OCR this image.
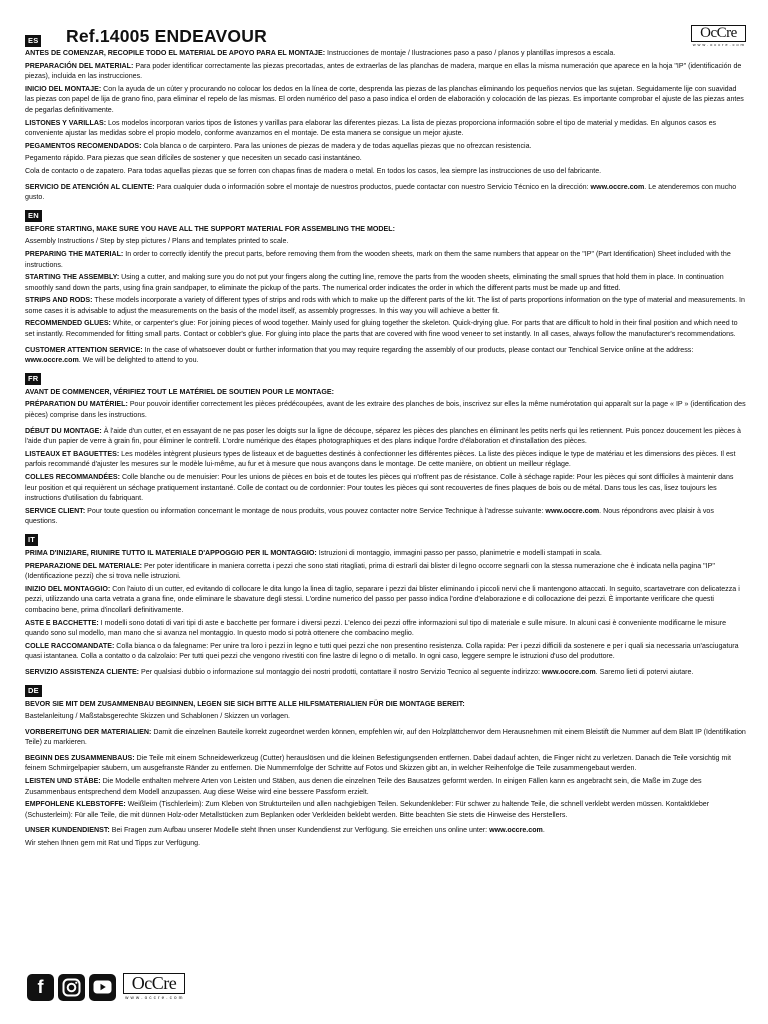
ES Ref.14005 ENDEAVOUR	OcCre
w w w . o c c r e . c o m

ANTES DE COMENZAR, RECOPILE TODO EL MATERIAL DE APOYO PARA EL MONTAJE: Instrucciones de montaje / Ilustraciones paso a paso / planos y plantillas impresos a escala.

PREPARACIÓN DEL MATERIAL: Para poder identificar correctamente las piezas precortadas, antes de extraerlas de las planchas de madera, marque en ellas la misma numeración que aparece en la hoja "IP" (identificación de piezas), incluida en las instrucciones.

INICIO DEL MONTAJE: Con la ayuda de un cúter y procurando no colocar los dedos en la línea de corte, desprenda las piezas de las planchas eliminando los pequeños nervios que las sujetan. Seguidamente lije con suavidad las piezas con papel de lija de grano fino, para eliminar el repelo de las mismas. El orden numérico del paso a paso indica el orden de elaboración y colocación de las piezas. Es importante comprobar el ajuste de las piezas antes de pegarlas definitivamente.

LISTONES Y VARILLAS: Los modelos incorporan varios tipos de listones y varillas para elaborar las diferentes piezas. La lista de piezas proporciona información sobre el tipo de material y medidas. En algunos casos es conveniente ajustar las medidas sobre el propio modelo, conforme avanzamos en el montaje. De esta manera se consigue un mejor ajuste.

PEGAMENTOS RECOMENDADOS: Cola blanca o de carpintero. Para las uniones de piezas de madera y de todas aquellas piezas que no ofrezcan resistencia.

Pegamento rápido. Para piezas que sean difíciles de sostener y que necesiten un secado casi instantáneo.

Cola de contacto o de zapatero. Para todas aquellas piezas que se forren con chapas finas de madera o metal. En todos los casos, lea siempre las instrucciones de uso del fabricante.

SERVICIO DE ATENCIÓN AL CLIENTE: Para cualquier duda o información sobre el montaje de nuestros productos, puede contactar con nuestro Servicio Técnico en la dirección: www.occre.com. Le atenderemos con mucho gusto.

EN

BEFORE STARTING, MAKE SURE YOU HAVE ALL THE SUPPORT MATERIAL FOR ASSEMBLING THE MODEL:

Assembly Instructions / Step by step pictures / Plans and templates printed to scale.

PREPARING THE MATERIAL: In order to correctly identify the precut parts, before removing them from the wooden sheets, mark on them the same numbers that appear on the "IP" (Part Identification) Sheet included with the instructions.

STARTING THE ASSEMBLY: Using a cutter, and making sure you do not put your fingers along the cutting line, remove the parts from the wooden sheets, eliminating the small sprues that hold them in place. In continuation smoothly sand down the parts, using fina grain sandpaper, to eliminate the pickup of the parts. The numerical order indicates the order in which the different parts must be made up and fitted.

STRIPS AND RODS: These models incorporate a variety of different types of strips and rods with which to make up the different parts of the kit. The list of parts proportions information on the type of material and measurements. In some cases it is advisable to adjust the measurements on the basis of the model itself, as assembly progresses. In this way you will achieve a better fit.

RECOMMENDED GLUES: White, or carpenter's glue: For joining pieces of wood together. Mainly used for gluing together the skeleton. Quick-drying glue. For parts that are difficult to hold in their final position and which need to set instantly. Recommended for fitting small parts. Contact or cobbler's glue. For gluing into place the parts that are covered with fine wood veneer to set instantly. In all cases, always follow the manufacturer's recommendations.

CUSTOMER ATTENTION SERVICE: In the case of whatsoever doubt or further information that you may require regarding the assembly of our products, please contact our Tenchical Service online at the address: www.occre.com. We will be delighted to attend to you.

FR

AVANT DE COMMENCER, VÉRIFIEZ TOUT LE MATÉRIEL DE SOUTIEN POUR LE MONTAGE:

PRÉPARATION DU MATÉRIEL: Pour pouvoir identifier correctement les pièces prédécoupées, avant de les extraire des planches de bois, inscrivez sur elles la même numérotation qui apparaît sur la page « IP » (identification des pièces) comprise dans les instructions.

DÉBUT DU MONTAGE: À l'aide d'un cutter, et en essayant de ne pas poser les doigts sur la ligne de découpe, séparez les pièces des planches en éliminant les petits nerfs qui les retiennent. Puis poncez doucement les pièces à l'aide d'un papier de verre à grain fin, pour éliminer le contrefil. L'ordre numérique des étapes photographiques et des plans indique l'ordre d'élaboration et d'installation des pièces.

LISTEAUX ET BAGUETTES: Les modèles intègrent plusieurs types de listeaux et de baguettes destinés à confectionner les différentes pièces. La liste des pièces indique le type de matériau et les dimensions des pièces. Il est parfois recommandé d'ajuster les mesures sur le modèle lui-même, au fur et à mesure que nous avançons dans le montage. De cette manière, on obtient un meilleur réglage.

COLLES RECOMMANDÉES: Colle blanche ou de menuisier: Pour les unions de pièces en bois et de toutes les pièces qui n'offrent pas de résistance. Colle à séchage rapide: Pour les pièces qui sont difficiles à maintenir dans leur position et qui requièrent un séchage pratiquement instantané. Colle de contact ou de cordonnier: Pour toutes les pièces qui sont recouvertes de fines plaques de bois ou de métal. Dans tous les cas, lisez toujours les instructions d'utilisation du fabriquant.

SERVICE CLIENT: Pour toute question ou information concernant le montage de nous produits, vous pouvez contacter notre Service Technique à l'adresse suivante: www.occre.com. Nous répondrons avec plaisir à vos questions.

IT

PRIMA D'INIZIARE, RIUNIRE TUTTO IL MATERIALE D'APPOGGIO PER IL MONTAGGIO: Istruzioni di montaggio, immagini passo per passo, planimetrie e modelli stampati in scala.

PREPARAZIONE DEL MATERIALE: Per poter identificare in maniera corretta i pezzi che sono stati ritagliati, prima di estrarli dai blister di legno occorre segnarli con la stessa numerazione che è indicata nella pagina "IP" (Identificazione pezzi) che si trova nelle istruzioni.

INIZIO DEL MONTAGGIO: Con l'aiuto di un cutter, ed evitando di collocare le dita lungo la linea di taglio, separare i pezzi dai blister eliminando i piccoli nervi che li mantengono attaccati. In seguito, scartavetrare con delicatezza i pezzi, utilizzando una carta vetrata a grana fine, onde eliminare le sbavature degli stessi. L'ordine numerico del passo per passo indica l'ordine d'elaborazione e di collocazione dei pezzi. È importante verificare che questi combacino bene, prima d'incollarli definitivamente.

ASTE E BACCHETTE: I modelli sono dotati di vari tipi di aste e bacchette per formare i diversi pezzi. L'elenco dei pezzi offre informazioni sul tipo di materiale e sulle misure. In alcuni casi è conveniente modificarne le misure quando sono sul modello, man mano che si avanza nel montaggio. In questo modo si potrà ottenere che combacino meglio.

COLLE RACCOMANDATE: Colla bianca o da falegname: Per unire tra loro i pezzi in legno e tutti quei pezzi che non presentino resistenza. Colla rapida: Per i pezzi difficili da sostenere e per i quali sia necessaria un'asciugatura quasi istantanea. Colla a contatto o da calzolaio: Per tutti quei pezzi che vengono rivestiti con fine lastre di legno o di metallo. In ogni caso, leggere sempre le istruzioni d'uso del produttore.

SERVIZIO ASSISTENZA CLIENTE: Per qualsiasi dubbio o informazione sul montaggio dei nostri prodotti, contattare il nostro Servizio Tecnico al seguente indirizzo: www.occre.com. Saremo lieti di potervi aiutare.

DE

BEVOR SIE MIT DEM ZUSAMMENBAU BEGINNEN, LEGEN SIE SICH BITTE ALLE HILFSMATERIALIEN FÜR DIE MONTAGE BEREIT:

Bastelanleitung / Maßstabsgerechte Skizzen und Schablonen / Skizzen un vorlagen.

VORBEREITUNG DER MATERIALIEN: Damit die einzelnen Bauteile korrekt zugeordnet werden können, empfehlen wir, auf den Holzplättchenvor dem Herausnehmen mit einem Bleistift die Nummer auf dem Blatt IP (Identifikation Teile) zu markieren.

BEGINN DES ZUSAMMENBAUS: Die Teile mit einem Schneidewerkzeug (Cutter) herauslösen und die kleinen Befestigungsenden entfernen. Dabei dadauf achten, die Finger nicht zu verletzen. Danach die Teile vorsichtig mit feinem Schmirgelpapier säubern, um ausgefranste Ränder zu entfernen. Die Nummernfolge der Schritte auf Fotos und Skizzen gibt an, in welcher Reihenfolge die Teile zusammengebaut werden.

LEISTEN UND STÄBE: Die Modelle enthalten mehrere Arten von Leisten und Stäben, aus denen die einzelnen Teile des Bausatzes geformt werden. In einigen Fällen kann es angebracht sein, die Maße im Zuge des Zusammenbaus entsprechend dem Modell anzupassen. Aug diese Weise wird eine bessere Passform erzielt.

EMPFOHLENE KLEBSTOFFE: Weißleim (Tischlerleim): Zum Kleben von Strukturteilen und allen nachgiebigen Teilen. Sekundenkleber: Für schwer zu haltende Teile, die schnell verklebt werden müssen. Kontaktkleber (Schusterleim): Für alle Teile, die mit dünnen Holz-oder Metallstücken zum Beplanken oder Verkleiden beklebt werden. Bitte beachten Sie stets die Hinweise des Herstellers.

UNSER KUNDENDIENST: Bei Fragen zum Aufbau unserer Modelle steht Ihnen unser Kundendienst zur Verfügung. Sie erreichen uns online unter: www.occre.com.

Wir stehen Ihnen gern mit Rat und Tipps zur Verfügung.

f	OcCre
w w w . o c c r e . c o m
